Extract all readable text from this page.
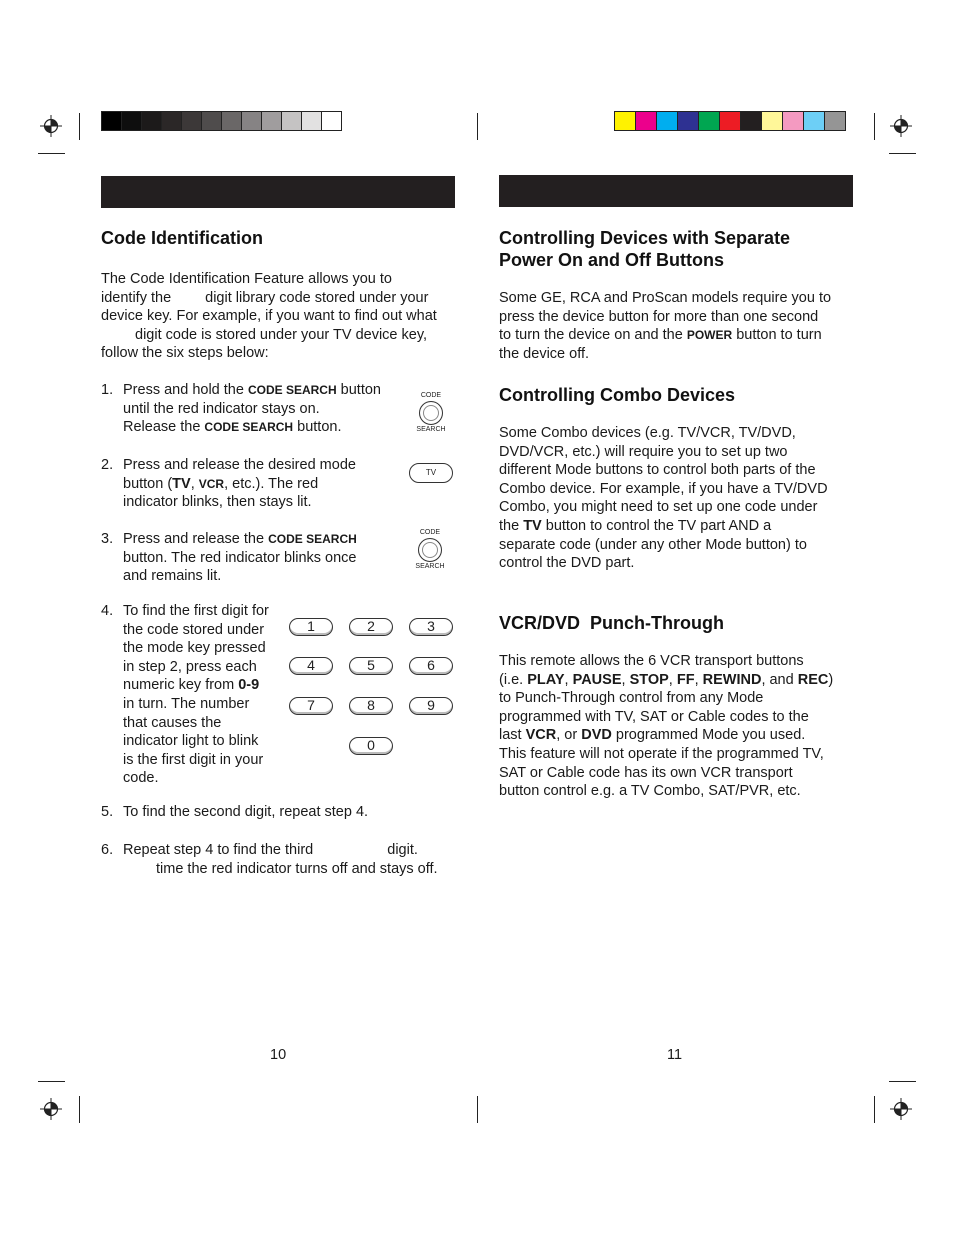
Code Identification
The Code Identification Feature allows you to
identify the digit library code stored under your
device key. For example, if you want to find out what
digit code is stored under your TV device key,
follow the six steps below:
1. Press and hold the CODE SEARCH button
until the red indicator stays on.
Release the CODE SEARCH button.
CODE
SEARCH
2. Press and release the desired mode
button (TV, VCR, etc.). The red
indicator blinks, then stays lit.
TV
3. Press and release the CODE SEARCH
button. The red indicator blinks once
and remains lit.
CODE
SEARCH
4. To find the first digit for
the code stored under
the mode key pressed
in step 2, press each
numeric key from 0-9
in turn. The number
that causes the
indicator light to blink
is the first digit in your
code.
1	2	3
4	5	6
7	8	9
0
5. To find the second digit, repeat step 4.
6. Repeat step 4 to find the third	digit.
time the red indicator turns off and stays off.
10
Controlling Devices with Separate
Power On and Off Buttons
Some GE, RCA and ProScan models require you to
press the device button for more than one second
to turn the device on and the POWER button to turn
the device off.
Controlling Combo Devices
Some Combo devices (e.g. TV/VCR, TV/DVD,
DVD/VCR, etc.) will require you to set up two
different Mode buttons to control both parts of the
Combo device. For example, if you have a TV/DVD
Combo, you might need to set up one code under
the TV button to control the TV part AND a
separate code (under any other Mode button) to
control the DVD part.
VCR/DVD  Punch-Through
This remote allows the 6 VCR transport buttons
(i.e. PLAY, PAUSE, STOP, FF, REWIND, and REC)
to Punch-Through control from any Mode
programmed with TV, SAT or Cable codes to the
last VCR, or DVD programmed Mode you used.
This feature will not operate if the programmed TV,
SAT or Cable code has its own VCR transport
button control e.g. a TV Combo, SAT/PVR, etc.
11
